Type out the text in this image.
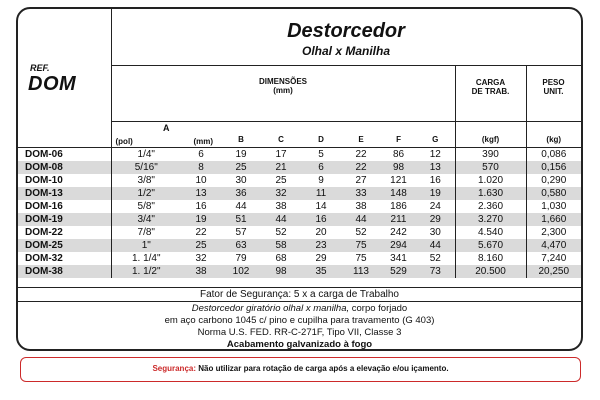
REF.
DOM
Destorcedor
Olhal x Manilha
DIMENSÕES
(mm)
CARGA
DE TRAB.
PESO
UNIT.

	A
(pol) (mm)		B	C	D	E	F	G	(kgf)	(kg)
DOM-06	1/4"	6	19	17	5	22	86	12	390	0,086
DOM-08	5/16"	8	25	21	6	22	98	13	570	0,156
DOM-10	3/8"	10	30	25	9	27	121	16	1.020	0,290
DOM-13	1/2"	13	36	32	11	33	148	19	1.630	0,580
DOM-16	5/8"	16	44	38	14	38	186	24	2.360	1,030
DOM-19	3/4"	19	51	44	16	44	211	29	3.270	1,660
DOM-22	7/8"	22	57	52	20	52	242	30	4.540	2,300
DOM-25	1"	25	63	58	23	75	294	44	5.670	4,470
DOM-32	1. 1/4"	32	79	68	29	75	341	52	8.160	7,240
DOM-38	1. 1/2"	38	102	98	35	113	529	73	20.500	20,250
Fator de Segurança: 5 x a carga de Trabalho
Destorcedor giratório olhal x manilha, corpo forjado
em aço carbono 1045 c/ pino e cupilha para travamento (G 403)
Norma U.S. FED. RR-C-271F, Tipo VII, Classe 3
Acabamento galvanizado à fogo
Segurança: Não utilizar para rotação de carga após a elevação e/ou içamento.
